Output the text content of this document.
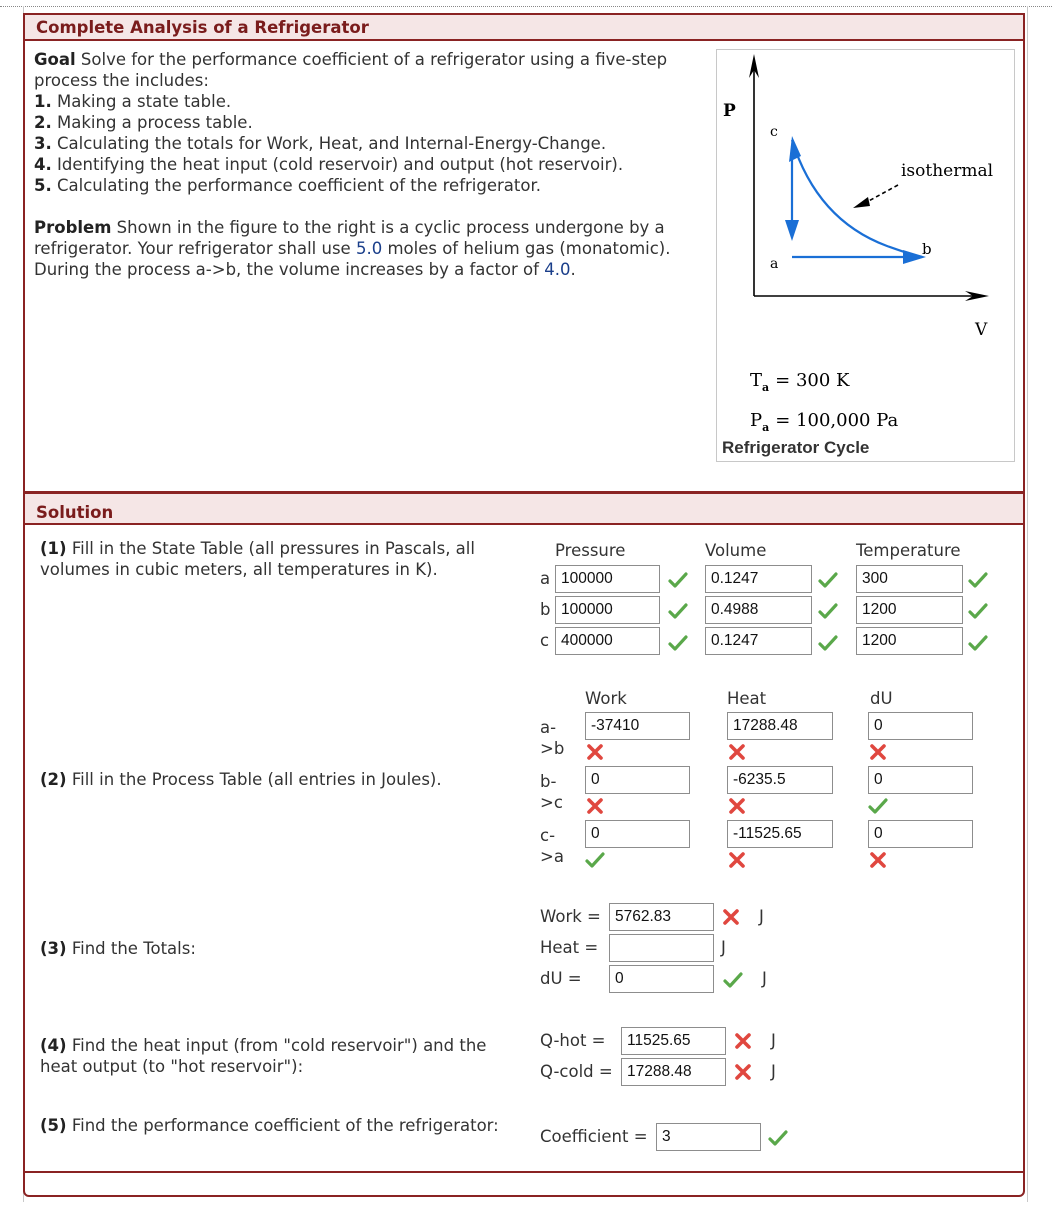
Complete Analysis of a Refrigerator
Goal Solve for the performance coefficient of a refrigerator using a five-step process the includes:
1. Making a state table.
2. Making a process table.
3. Calculating the totals for Work, Heat, and Internal-Energy-Change.
4. Identifying the heat input (cold reservoir) and output (hot reservoir).
5. Calculating the performance coefficient of the refrigerator.
Problem Shown in the figure to the right is a cyclic process undergone by a refrigerator. Your refrigerator shall use 5.0 moles of helium gas (monatomic). During the process a->b, the volume increases by a factor of 4.0.
P
V
c
a
b
isothermal
$T_a = 300$ K
$P_a = 100,000$ Pa
Refrigerator Cycle
Solution
(1) Fill in the State Table (all pressures in Pascals, all volumes in cubic meters, all temperatures in K).
Pressure	Volume	Temperature
a 100000	0.1247	300
b 100000	0.4988	1200
c 400000	0.1247	1200
(2) Fill in the Process Table (all entries in Joules).
Work	Heat	dU
a-
>b
-37410	17288.48	0
b-
>c
0	-6235.5	0
c-
>a
0	-11525.65	0
(3) Find the Totals:
Work = 5762.83	J
Heat =	J
dU =	0	J
(4) Find the heat input (from "cold reservoir") and the heat output (to "hot reservoir"):
Q-hot =	11525.65	J
Q-cold = 17288.48	J
(5) Find the performance coefficient of the refrigerator:
Coefficient = 3
